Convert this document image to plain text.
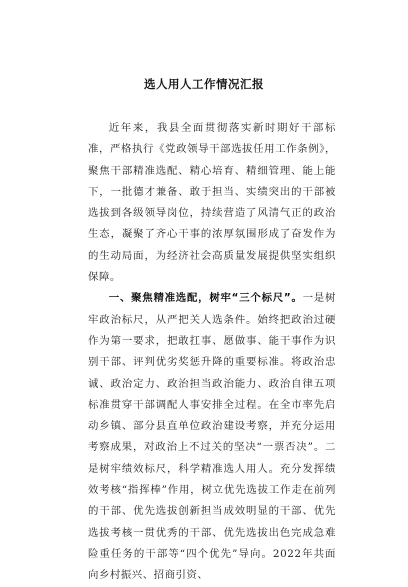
选人用人工作情况汇报

近年来，我县全面贯彻落实新时期好干部标准，严格执行《党政领导干部选拔任用工作条例》，聚焦干部精准选配、精心培育、精细管理、能上能下，一批德才兼备、敢于担当、实绩突出的干部被选拔到各级领导岗位，持续营造了风清气正的政治生态，凝聚了齐心干事的浓厚氛围形成了奋发作为的生动局面，为经济社会高质量发展提供坚实组织保障。

一、聚焦精准选配，树牢“三个标尺”。一是树牢政治标尺，从严把关人选条件。始终把政治过硬作为第一要求，把敢扛事、愿做事、能干事作为识别干部、评判优劣奖惩升降的重要标准。将政治忠诚、政治定力、政治担当政治能力、政治自律五项标准贯穿干部调配人事安排全过程。在全市率先启动乡镇、部分县直单位政治建设考察，并充分运用考察成果，对政治上不过关的坚决“一票否决”。二是树牢绩效标尺，科学精准选人用人。充分发挥绩效考核“指挥棒”作用，树立优先选拔工作走在前列的干部、优先选拔创新担当成效明显的干部、优先选拔考核一贯优秀的干部、优先选拔出色完成急难险重任务的干部等“四个优先”导向。2022年共面向乡村振兴、招商引资、
